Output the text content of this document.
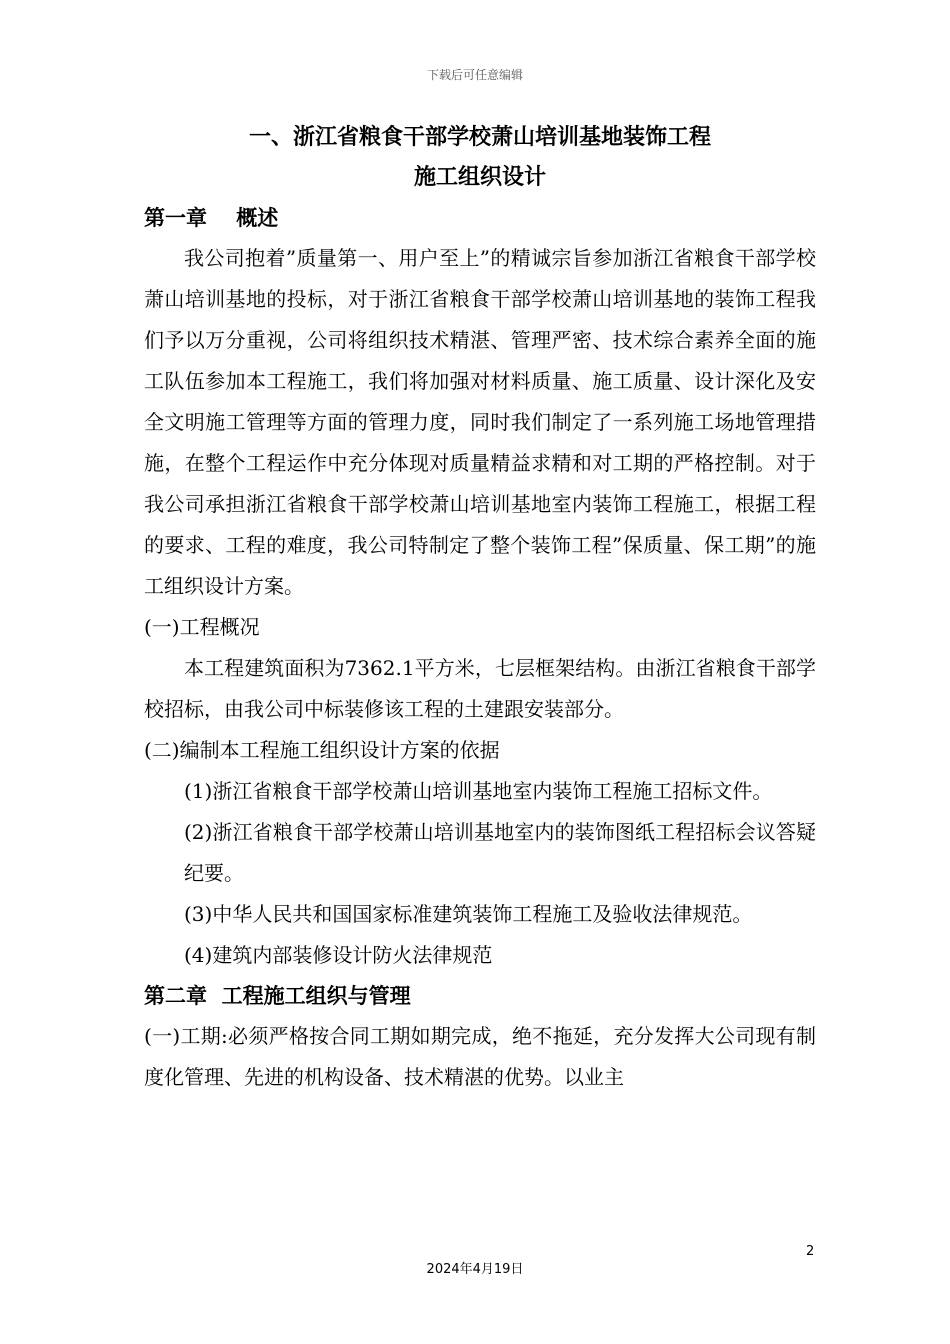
下载后可任意编辑
一、浙江省粮食干部学校萧山培训基地装饰工程
施工组织设计
第一章    概述

我公司抱着”质量第一、用户至上”的精诚宗旨参加浙江省粮食干部学校萧山培训基地的投标，对于浙江省粮食干部学校萧山培训基地的装饰工程我们予以万分重视，公司将组织技术精湛、管理严密、技术综合素养全面的施工队伍参加本工程施工，我们将加强对材料质量、施工质量、设计深化及安全文明施工管理等方面的管理力度，同时我们制定了一系列施工场地管理措施，在整个工程运作中充分体现对质量精益求精和对工期的严格控制。对于我公司承担浙江省粮食干部学校萧山培训基地室内装饰工程施工，根据工程的要求、工程的难度，我公司特制定了整个装饰工程”保质量、保工期”的施工组织设计方案。

(一)工程概况

本工程建筑面积为7362.1平方米，七层框架结构。由浙江省粮食干部学校招标，由我公司中标装修该工程的土建跟安装部分。

(二)编制本工程施工组织设计方案的依据

(1)浙江省粮食干部学校萧山培训基地室内装饰工程施工招标文件。

(2)浙江省粮食干部学校萧山培训基地室内的装饰图纸工程招标会议答疑纪要。

(3)中华人民共和国国家标准建筑装饰工程施工及验收法律规范。

(4)建筑内部装修设计防火法律规范

第二章  工程施工组织与管理

(一)工期:必须严格按合同工期如期完成，绝不拖延，充分发挥大公司现有制度化管理、先进的机构设备、技术精湛的优势。以业主

2
2024年4月19日
